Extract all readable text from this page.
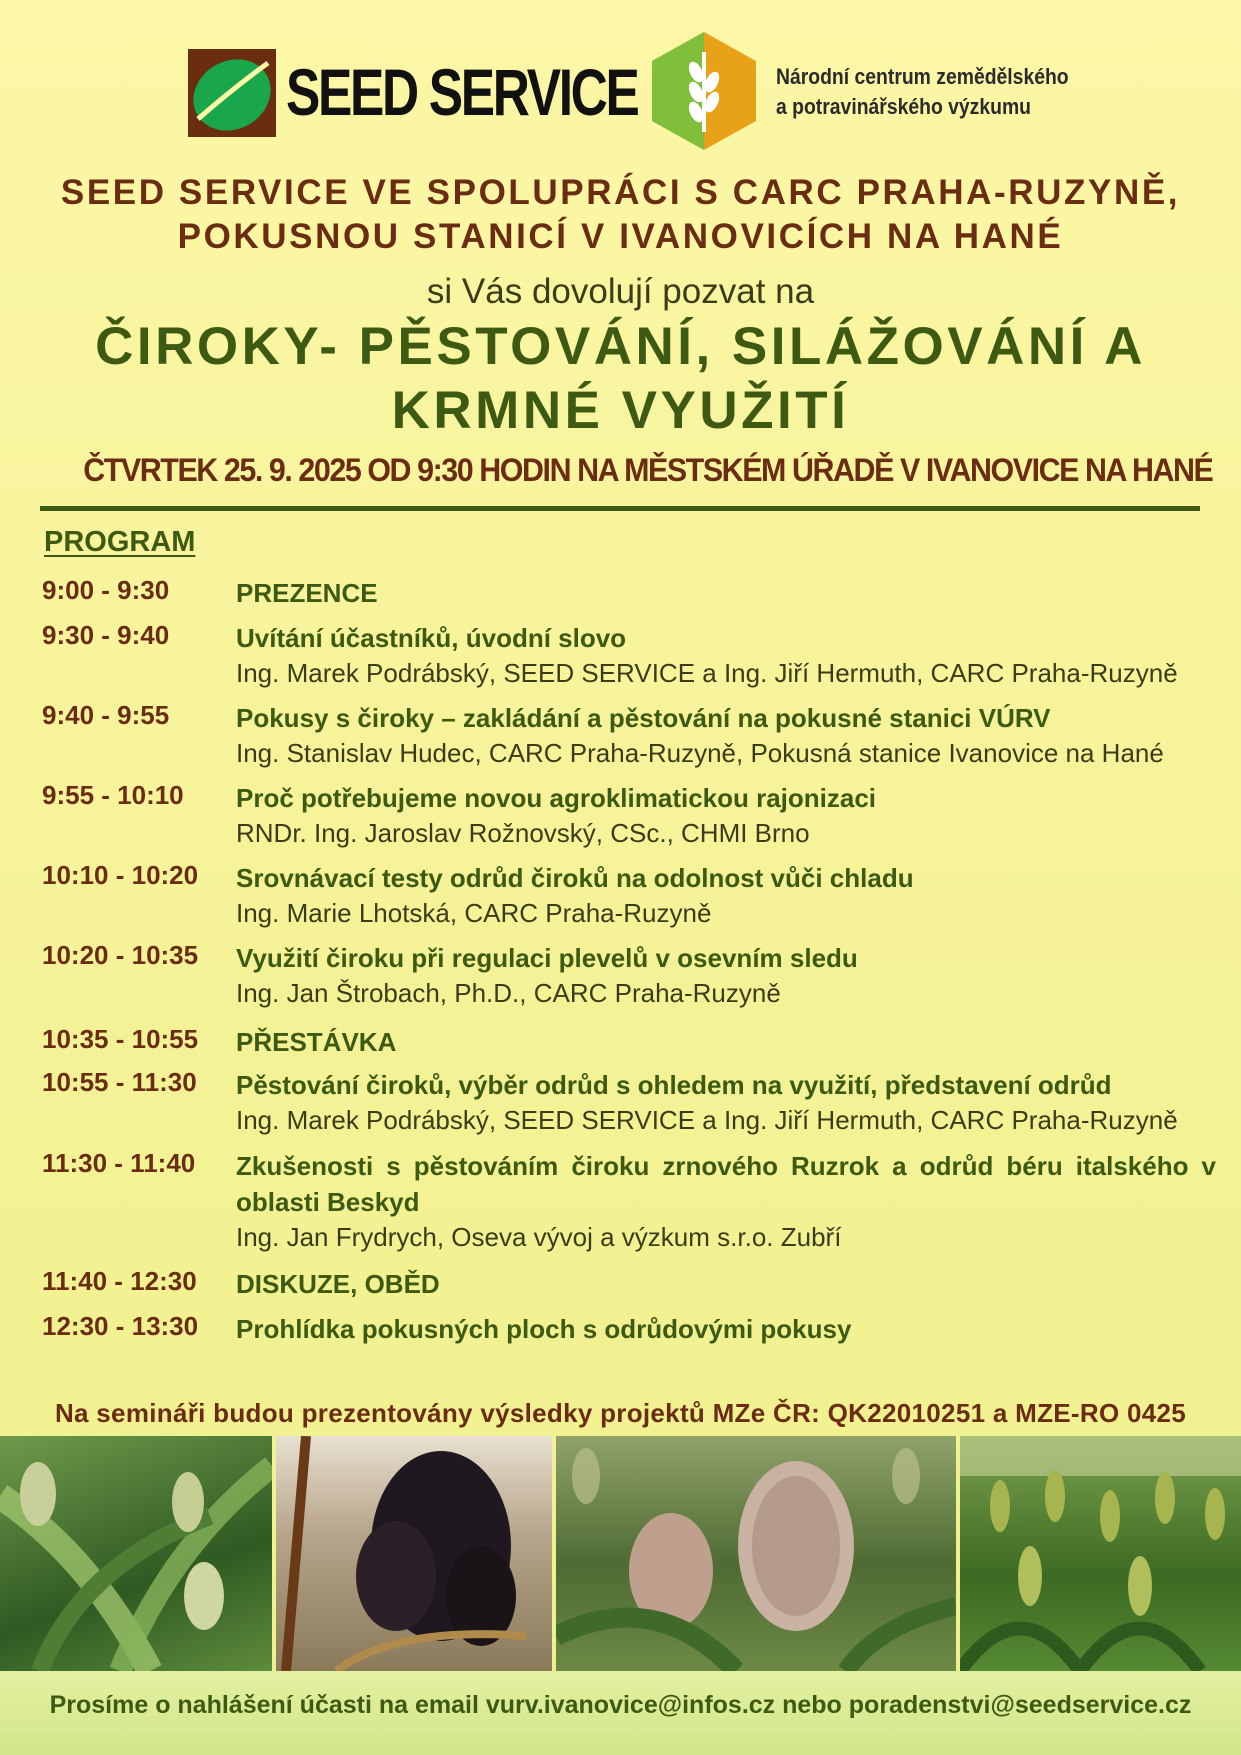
SEED SERVICE	Národní centrum zemědělského
a potravinářského výzkumu
SEED SERVICE VE SPOLUPRÁCI S CARC PRAHA-RUZYNĚ,
POKUSNOU STANICÍ V IVANOVICÍCH NA HANÉ
si Vás dovolují pozvat na
ČIROKY- PĚSTOVÁNÍ, SILÁŽOVÁNÍ A
KRMNÉ VYUŽITÍ
ČTVRTEK 25. 9. 2025 OD 9:30 HODIN NA MĚSTSKÉM ÚŘADĚ V IVANOVICE NA HANÉ
PROGRAM
9:00 - 9:30	PREZENCE
9:30 - 9:40	Uvítání účastníků, úvodní slovo
Ing. Marek Podrábský, SEED SERVICE a Ing. Jiří Hermuth, CARC Praha-Ruzyně
9:40 - 9:55	Pokusy s čiroky – zakládání a pěstování na pokusné stanici VÚRV
Ing. Stanislav Hudec, CARC Praha-Ruzyně, Pokusná stanice Ivanovice na Hané
9:55 - 10:10 Proč potřebujeme novou agroklimatickou rajonizaci
RNDr. Ing. Jaroslav Rožnovský, CSc., CHMI Brno
10:10 - 10:20 Srovnávací testy odrůd čiroků na odolnost vůči chladu
Ing. Marie Lhotská, CARC Praha-Ruzyně
10:20 - 10:35 Využití čiroku při regulaci plevelů v osevním sledu
Ing. Jan Štrobach, Ph.D., CARC Praha-Ruzyně
10:35 - 10:55 PŘESTÁVKA
10:55 - 11:30 Pěstování čiroků, výběr odrůd s ohledem na využití, představení odrůd
Ing. Marek Podrábský, SEED SERVICE a Ing. Jiří Hermuth, CARC Praha-Ruzyně
11:30 - 11:40 Zkušenosti s pěstováním čiroku zrnového Ruzrok a odrůd béru italského v oblasti Beskyd
Ing. Jan Frydrych, Oseva vývoj a výzkum s.r.o. Zubří
11:40 - 12:30 DISKUZE, OBĚD
12:30 - 13:30 Prohlídka pokusných ploch s odrůdovými pokusy
Na semináři budou prezentovány výsledky projektů MZe ČR: QK22010251 a MZE-RO 0425
Prosíme o nahlášení účasti na email vurv.ivanovice@infos.cz nebo poradenstvi@seedservice.cz
